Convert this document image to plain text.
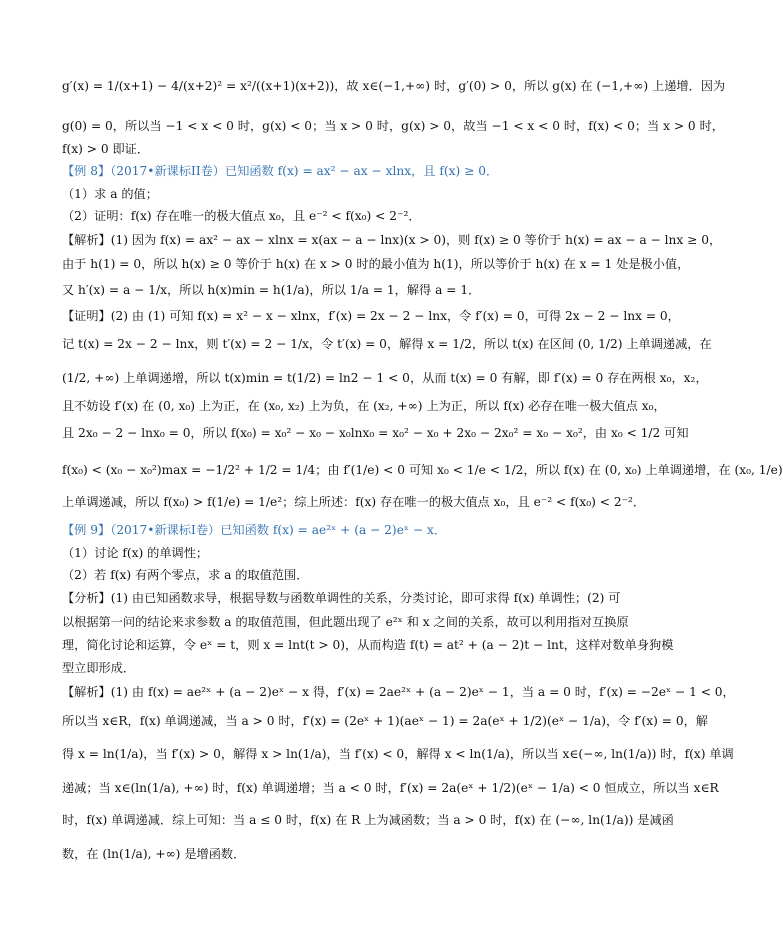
g′(x) = 1/(x+1) − 4/(x+2)² = x²/((x+1)(x+2))，故 x∈(−1,+∞) 时，g′(0) > 0，所以 g(x) 在 (−1,+∞) 上递增．因为
g(0) = 0，所以当 −1 < x < 0 时，g(x) < 0；当 x > 0 时，g(x) > 0，故当 −1 < x < 0 时，f(x) < 0；当 x > 0 时，
f(x) > 0 即证．
【例 8】（2017•新课标II卷）已知函数 f(x) = ax² − ax − xlnx，且 f(x) ≥ 0．
（1）求 a 的值；
（2）证明：f(x) 存在唯一的极大值点 x₀，且 e⁻² < f(x₀) < 2⁻²．
【解析】(1) 因为 f(x) = ax² − ax − xlnx = x(ax − a − lnx)(x > 0)，则 f(x) ≥ 0 等价于 h(x) = ax − a − lnx ≥ 0，
由于 h(1) = 0，所以 h(x) ≥ 0 等价于 h(x) 在 x > 0 时的最小值为 h(1)，所以等价于 h(x) 在 x = 1 处是极小值，
又 h′(x) = a − 1/x，所以 h(x)min = h(1/a)，所以 1/a = 1，解得 a = 1．
【证明】(2) 由 (1) 可知 f(x) = x² − x − xlnx，f′(x) = 2x − 2 − lnx，令 f′(x) = 0，可得 2x − 2 − lnx = 0，
记 t(x) = 2x − 2 − lnx，则 t′(x) = 2 − 1/x，令 t′(x) = 0，解得 x = 1/2，所以 t(x) 在区间 (0, 1/2) 上单调递减，在
(1/2, +∞) 上单调递增，所以 t(x)min = t(1/2) = ln2 − 1 < 0，从而 t(x) = 0 有解，即 f′(x) = 0 存在两根 x₀，x₂，
且不妨设 f′(x) 在 (0, x₀) 上为正，在 (x₀, x₂) 上为负，在 (x₂, +∞) 上为正，所以 f(x) 必存在唯一极大值点 x₀，
且 2x₀ − 2 − lnx₀ = 0，所以 f(x₀) = x₀² − x₀ − x₀lnx₀ = x₀² − x₀ + 2x₀ − 2x₀² = x₀ − x₀²，由 x₀ < 1/2 可知
f(x₀) < (x₀ − x₀²)max = −1/2² + 1/2 = 1/4；由 f′(1/e) < 0 可知 x₀ < 1/e < 1/2，所以 f(x) 在 (0, x₀) 上单调递增，在 (x₀, 1/e)
上单调递减，所以 f(x₀) > f(1/e) = 1/e²；综上所述：f(x) 存在唯一的极大值点 x₀，且 e⁻² < f(x₀) < 2⁻²．
【例 9】（2017•新课标I卷）已知函数 f(x) = ae²ˣ + (a − 2)eˣ − x．
（1）讨论 f(x) 的单调性；
（2）若 f(x) 有两个零点，求 a 的取值范围．
【分析】(1) 由已知函数求导，根据导数与函数单调性的关系，分类讨论，即可求得 f(x) 单调性；(2) 可
以根据第一问的结论来求参数 a 的取值范围，但此题出现了 e²ˣ 和 x 之间的关系，故可以利用指对互换原
理，简化讨论和运算，令 eˣ = t，则 x = lnt(t > 0)，从而构造 f(t) = at² + (a − 2)t − lnt，这样对数单身狗模
型立即形成．
【解析】(1) 由 f(x) = ae²ˣ + (a − 2)eˣ − x 得，f′(x) = 2ae²ˣ + (a − 2)eˣ − 1，当 a = 0 时，f′(x) = −2eˣ − 1 < 0，
所以当 x∈R，f(x) 单调递减，当 a > 0 时，f′(x) = (2eˣ + 1)(aeˣ − 1) = 2a(eˣ + 1/2)(eˣ − 1/a)，令 f′(x) = 0，解
得 x = ln(1/a)，当 f′(x) > 0，解得 x > ln(1/a)，当 f′(x) < 0，解得 x < ln(1/a)，所以当 x∈(−∞, ln(1/a)) 时，f(x) 单调
递减；当 x∈(ln(1/a), +∞) 时，f(x) 单调递增；当 a < 0 时，f′(x) = 2a(eˣ + 1/2)(eˣ − 1/a) < 0 恒成立，所以当 x∈R
时，f(x) 单调递减．综上可知：当 a ≤ 0 时，f(x) 在 R 上为减函数；当 a > 0 时，f(x) 在 (−∞, ln(1/a)) 是减函
数，在 (ln(1/a), +∞) 是增函数．
